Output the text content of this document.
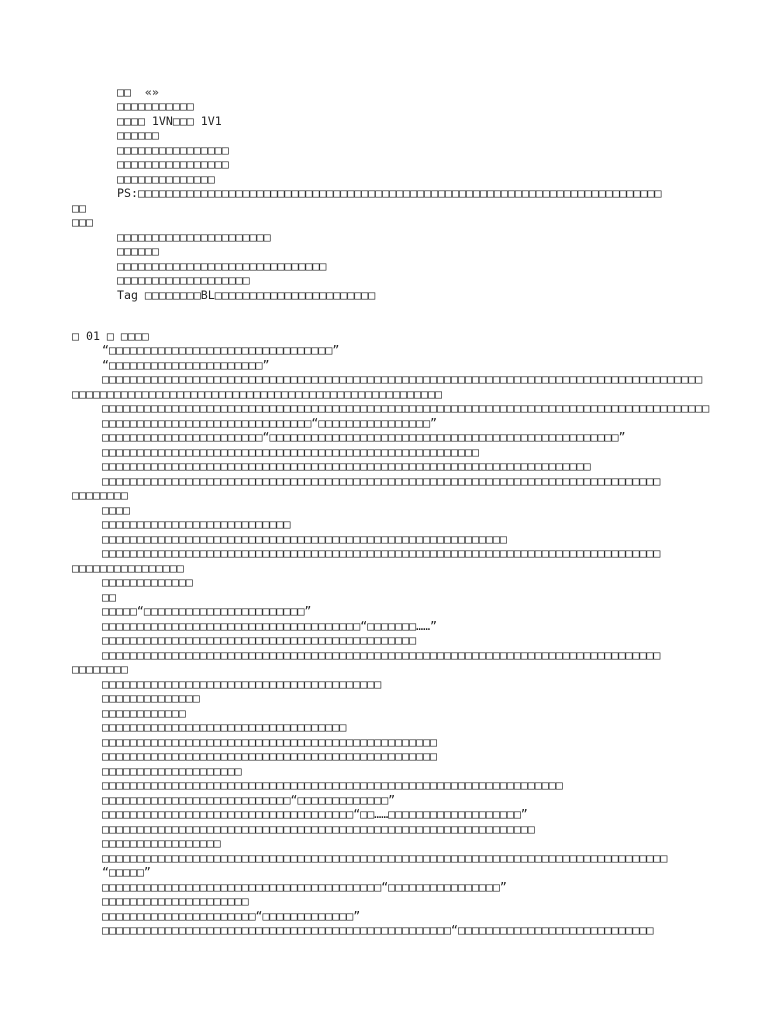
«»

□□
□□□□□□□□□□□
□□□□ 1VN□□□ 1V1
□□□□□□
□□□□□□□□□□□□□□□□
□□□□□□□□□□□□□□□□
□□□□□□□□□□□□□□
PS:□□□□□□□□□□□□□□□□□□□□□□□□□□□□□□□□□□□□□□□□□□□□□□□□□□□□□□□□□□□□□□□□□□□□□□□□□□□
□□
□□□
□□□□□□□□□□□□□□□□□□□□□□
□□□□□□
□□□□□□□□□□□□□□□□□□□□□□□□□□□□□□
□□□□□□□□□□□□□□□□□□□
Tag □□□□□□□□BL□□□□□□□□□□□□□□□□□□□□□□□
□ 01 □ □□□□
“□□□□□□□□□□□□□□□□□□□□□□□□□□□□□□□□”
“□□□□□□□□□□□□□□□□□□□□□□”
□□□□□□□□□□□□□□□□□□□□□□□□□□□□□□□□□□□□□□□□□□□□□□□□□□□□□□□□□□□□□□□□□□□□□□□□□□□□□□□□□□□□□□
□□□□□□□□□□□□□□□□□□□□□□□□□□□□□□□□□□□□□□□□□□□□□□□□□□□□□
□□□□□□□□□□□□□□□□□□□□□□□□□□□□□□□□□□□□□□□□□□□□□□□□□□□□□□□□□□□□□□□□□□□□□□□□□□□□□□□□□□□□□□□
□□□□□□□□□□□□□□□□□□□□□□□□□□□□□□“□□□□□□□□□□□□□□□□”
□□□□□□□□□□□□□□□□□□□□□□□“□□□□□□□□□□□□□□□□□□□□□□□□□□□□□□□□□□□□□□□□□□□□□□□□□□”
□□□□□□□□□□□□□□□□□□□□□□□□□□□□□□□□□□□□□□□□□□□□□□□□□□□□□□
□□□□□□□□□□□□□□□□□□□□□□□□□□□□□□□□□□□□□□□□□□□□□□□□□□□□□□□□□□□□□□□□□□□□□□
□□□□□□□□□□□□□□□□□□□□□□□□□□□□□□□□□□□□□□□□□□□□□□□□□□□□□□□□□□□□□□□□□□□□□□□□□□□□□□□□
□□□□□□□□
□□□□
□□□□□□□□□□□□□□□□□□□□□□□□□□□
□□□□□□□□□□□□□□□□□□□□□□□□□□□□□□□□□□□□□□□□□□□□□□□□□□□□□□□□□□
□□□□□□□□□□□□□□□□□□□□□□□□□□□□□□□□□□□□□□□□□□□□□□□□□□□□□□□□□□□□□□□□□□□□□□□□□□□□□□□□
□□□□□□□□□□□□□□□□
□□□□□□□□□□□□□
□□
□□□□□“□□□□□□□□□□□□□□□□□□□□□□□”
□□□□□□□□□□□□□□□□□□□□□□□□□□□□□□□□□□□□□“□□□□□□□……”
□□□□□□□□□□□□□□□□□□□□□□□□□□□□□□□□□□□□□□□□□□□□□
□□□□□□□□□□□□□□□□□□□□□□□□□□□□□□□□□□□□□□□□□□□□□□□□□□□□□□□□□□□□□□□□□□□□□□□□□□□□□□□□
□□□□□□□□
□□□□□□□□□□□□□□□□□□□□□□□□□□□□□□□□□□□□□□□□
□□□□□□□□□□□□□□
□□□□□□□□□□□□
□□□□□□□□□□□□□□□□□□□□□□□□□□□□□□□□□□□
□□□□□□□□□□□□□□□□□□□□□□□□□□□□□□□□□□□□□□□□□□□□□□□□
□□□□□□□□□□□□□□□□□□□□□□□□□□□□□□□□□□□□□□□□□□□□□□□□
□□□□□□□□□□□□□□□□□□□□
□□□□□□□□□□□□□□□□□□□□□□□□□□□□□□□□□□□□□□□□□□□□□□□□□□□□□□□□□□□□□□□□□□
□□□□□□□□□□□□□□□□□□□□□□□□□□□“□□□□□□□□□□□□□”
□□□□□□□□□□□□□□□□□□□□□□□□□□□□□□□□□□□□“□□……□□□□□□□□□□□□□□□□□□□”
□□□□□□□□□□□□□□□□□□□□□□□□□□□□□□□□□□□□□□□□□□□□□□□□□□□□□□□□□□□□□□
□□□□□□□□□□□□□□□□□
□□□□□□□□□□□□□□□□□□□□□□□□□□□□□□□□□□□□□□□□□□□□□□□□□□□□□□□□□□□□□□□□□□□□□□□□□□□□□□□□□
“□□□□□”
□□□□□□□□□□□□□□□□□□□□□□□□□□□□□□□□□□□□□□□□“□□□□□□□□□□□□□□□□”
□□□□□□□□□□□□□□□□□□□□□
□□□□□□□□□□□□□□□□□□□□□□“□□□□□□□□□□□□□”
□□□□□□□□□□□□□□□□□□□□□□□□□□□□□□□□□□□□□□□□□□□□□□□□□□“□□□□□□□□□□□□□□□□□□□□□□□□□□□□
